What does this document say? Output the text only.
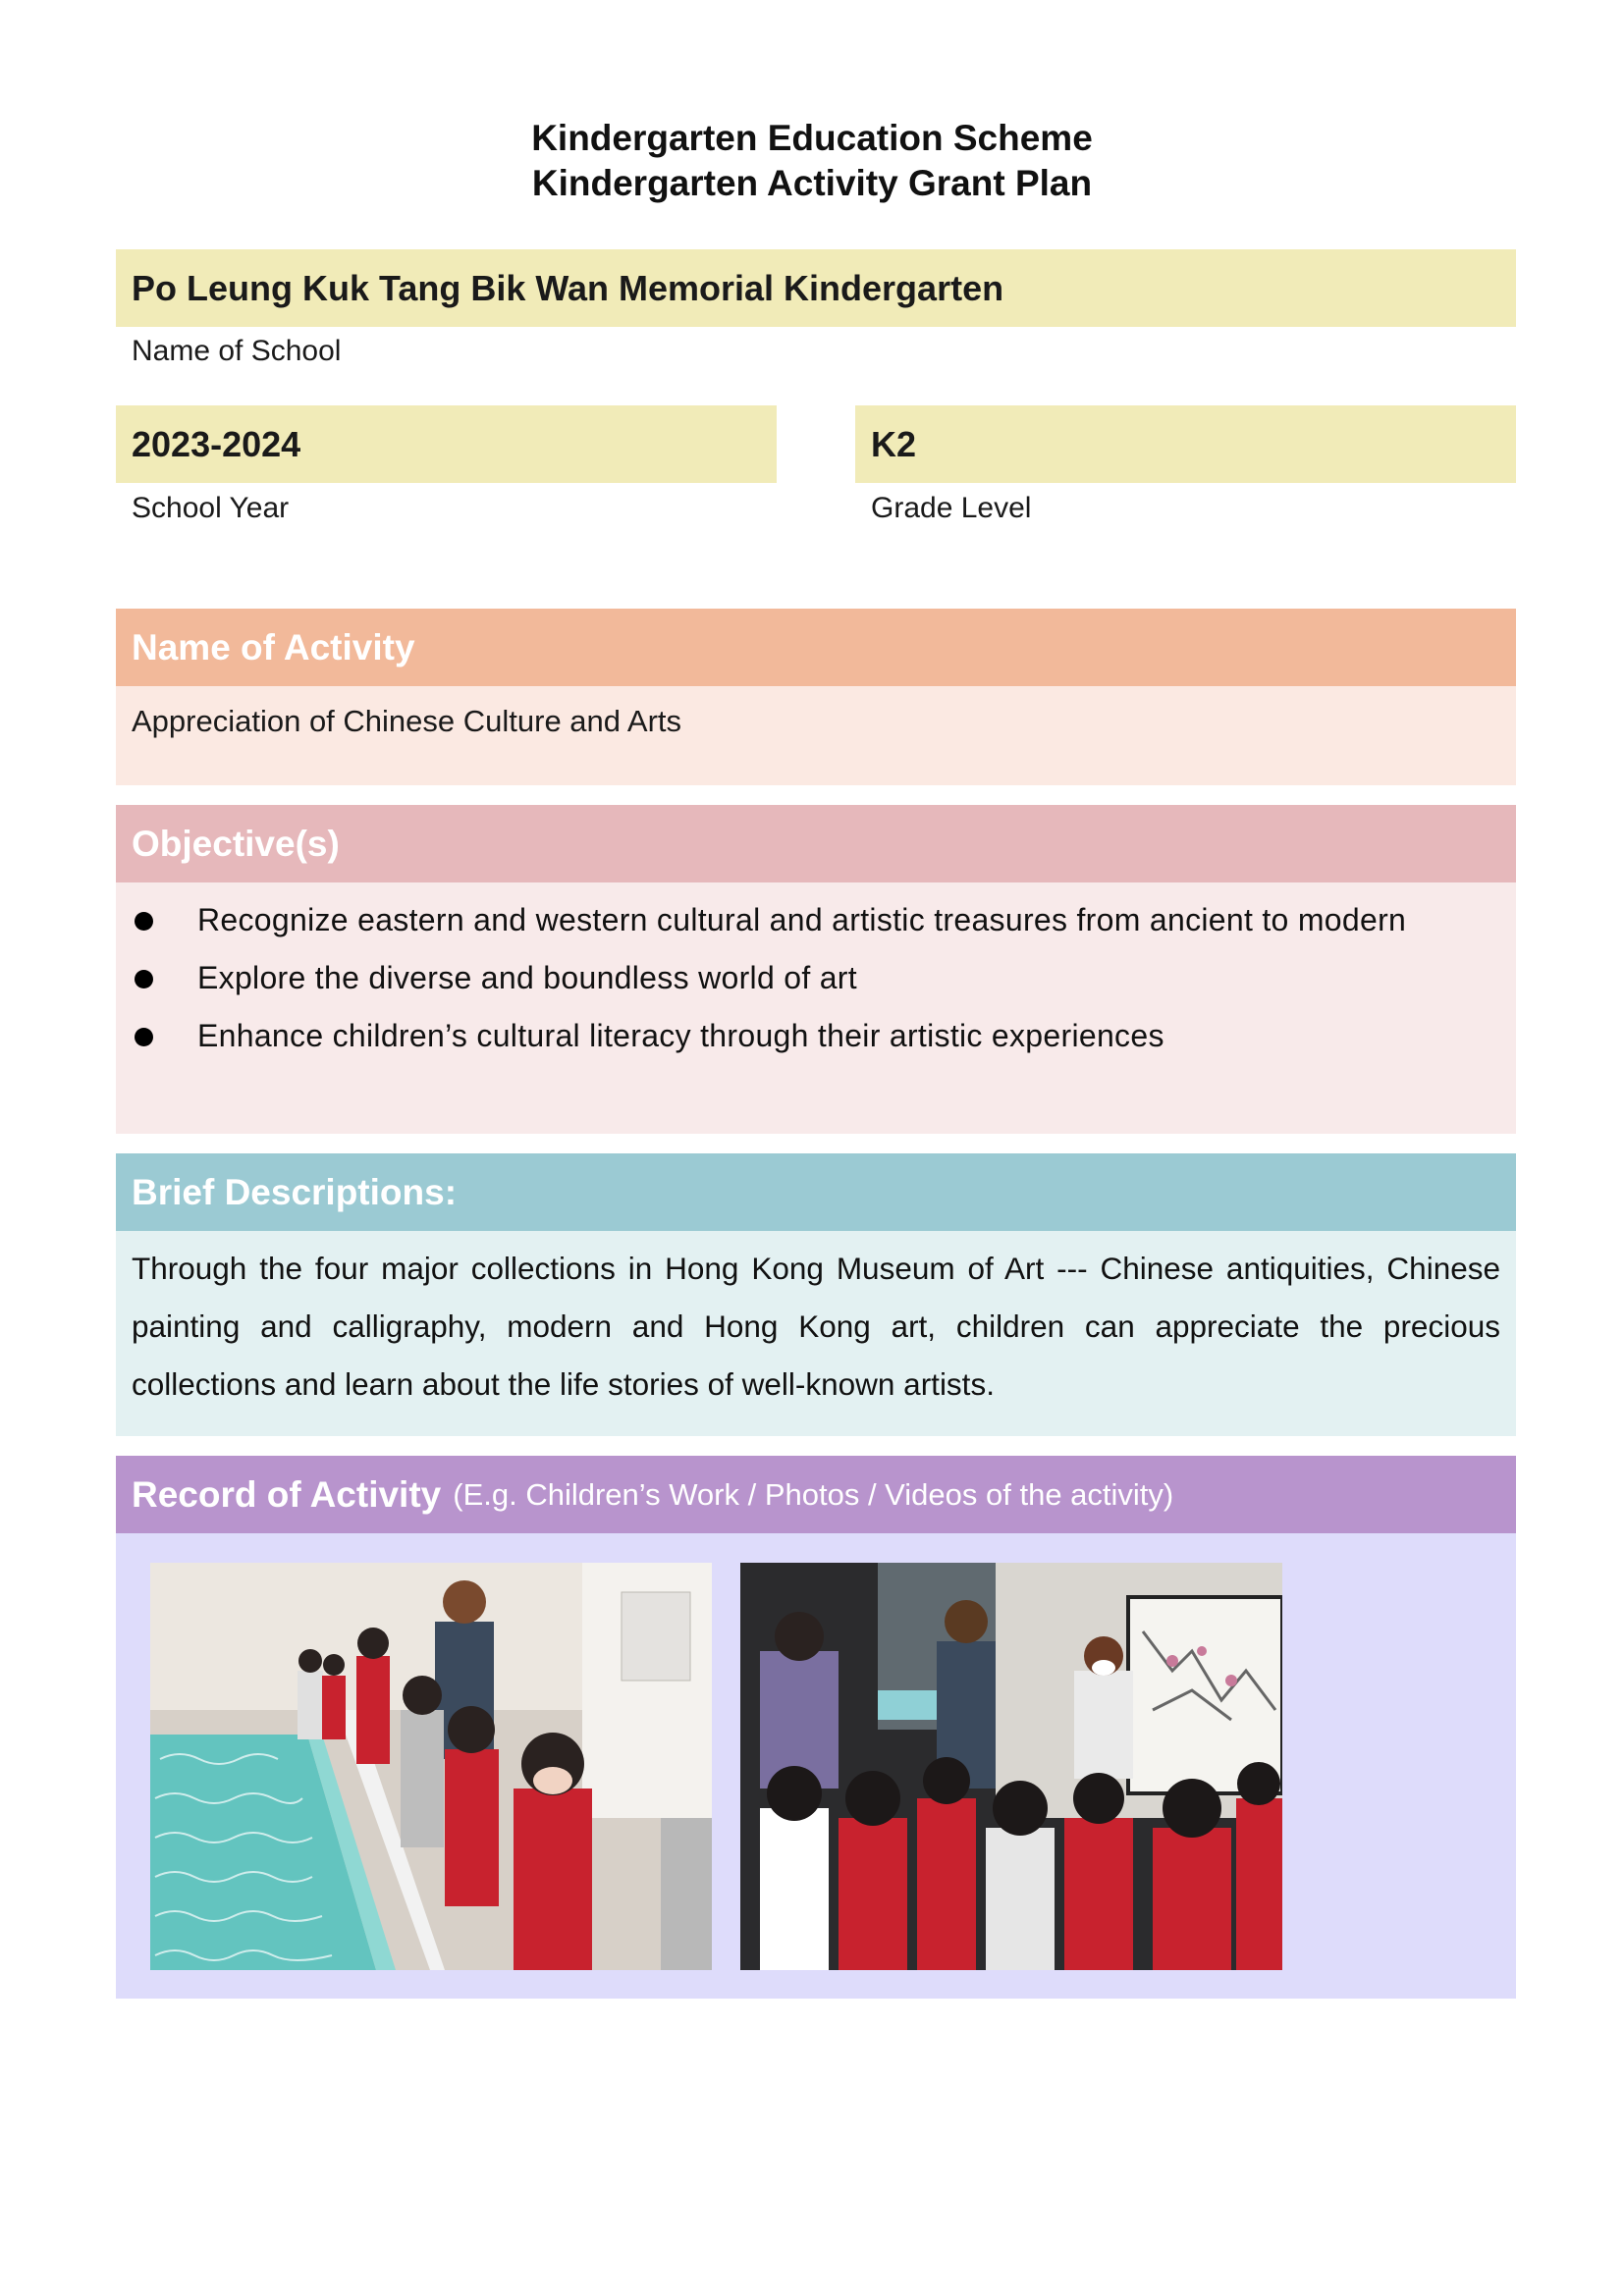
Kindergarten Education Scheme
Kindergarten Activity Grant Plan
Po Leung Kuk Tang Bik Wan Memorial Kindergarten
Name of School
2023-2024
School Year
K2
Grade Level
Name of Activity
Appreciation of Chinese Culture and Arts
Objective(s)
Recognize eastern and western cultural and artistic treasures from ancient to modern
Explore the diverse and boundless world of art
Enhance children’s cultural literacy through their artistic experiences
Brief Descriptions:
Through the four major collections in Hong Kong Museum of Art --- Chinese antiquities, Chinese painting and calligraphy, modern and Hong Kong art, children can appreciate the precious collections and learn about the life stories of well-known artists.
Record of Activity (E.g. Children’s Work / Photos / Videos of the activity)
